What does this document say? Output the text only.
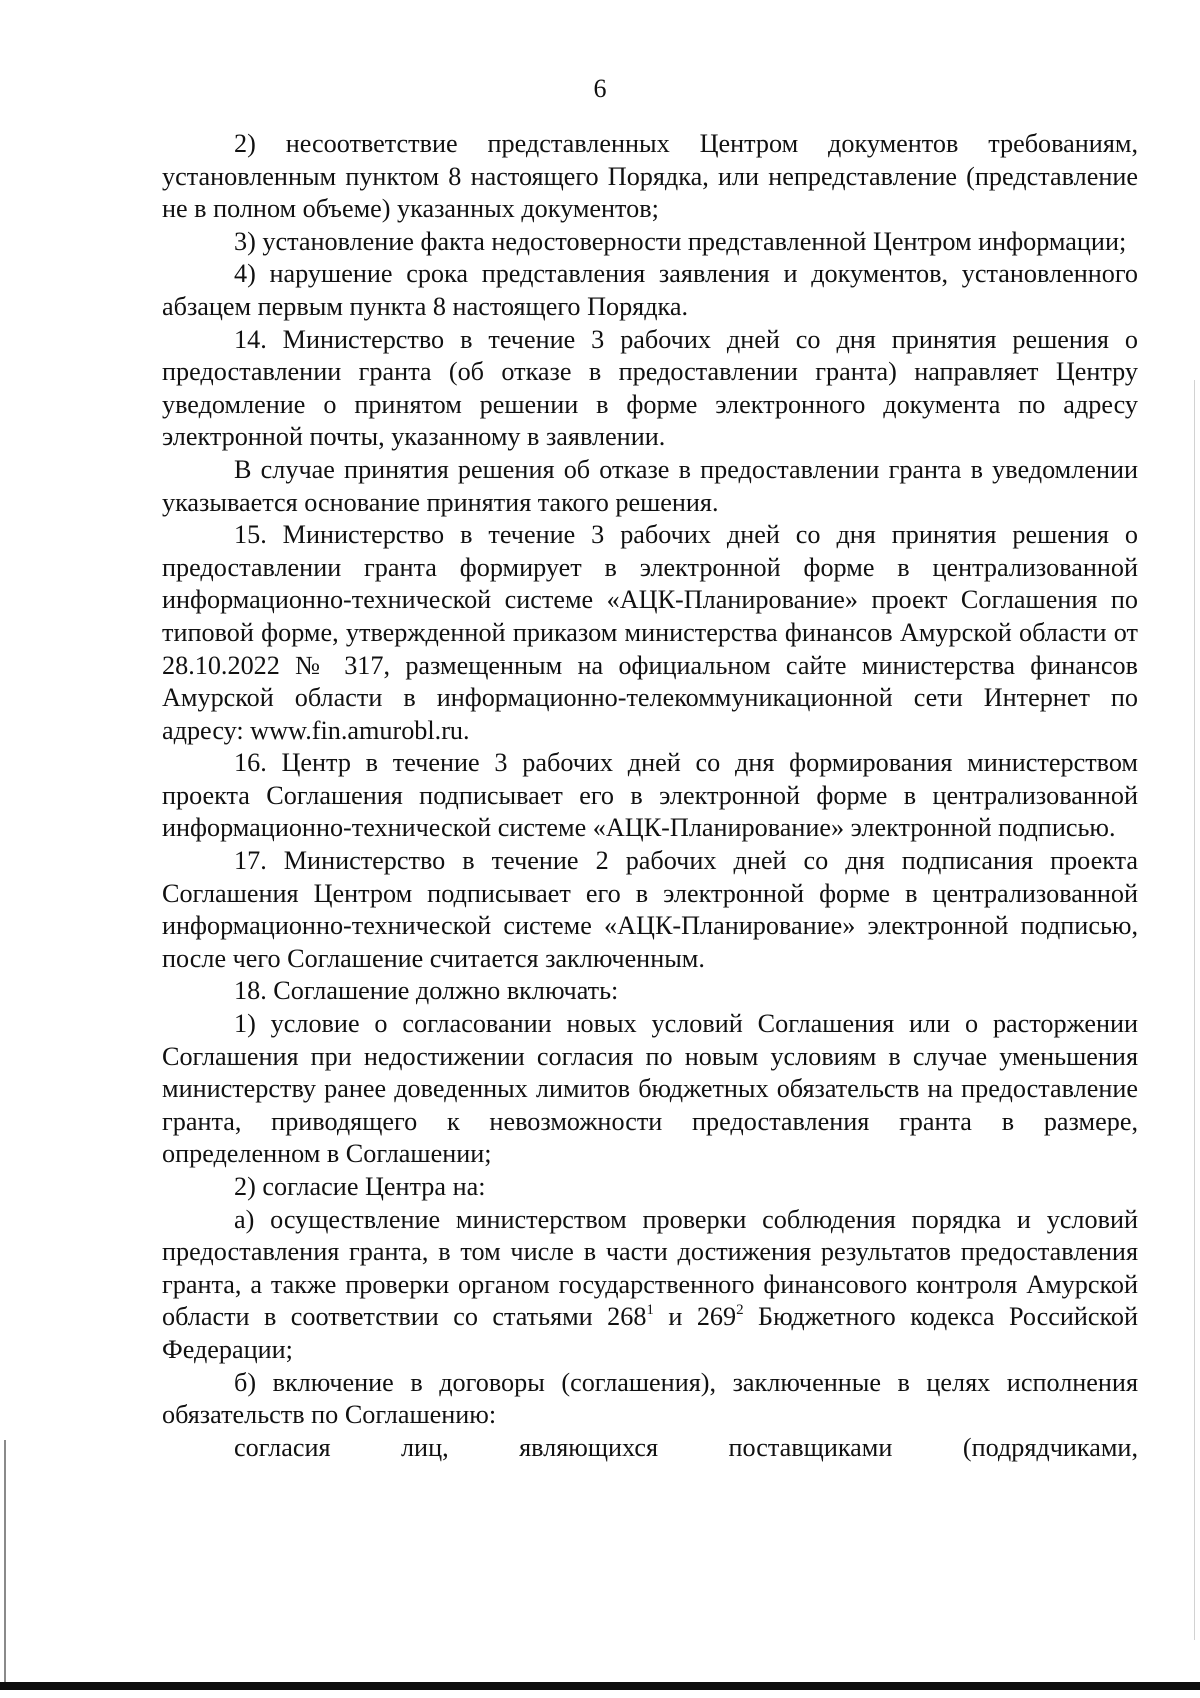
6

2) несоответствие представленных Центром документов требованиям, установленным пунктом 8 настоящего Порядка, или непредставление (представление не в полном объеме) указанных документов;

3) установление факта недостоверности представленной Центром информации;

4) нарушение срока представления заявления и документов, установленного абзацем первым пункта 8 настоящего Порядка.

14. Министерство в течение 3 рабочих дней со дня принятия решения о предоставлении гранта (об отказе в предоставлении гранта) направляет Центру уведомление о принятом решении в форме электронного документа по адресу электронной почты, указанному в заявлении.

В случае принятия решения об отказе в предоставлении гранта в уведомлении указывается основание принятия такого решения.

15. Министерство в течение 3 рабочих дней со дня принятия решения о предоставлении гранта формирует в электронной форме в централизованной информационно-технической системе «АЦК-Планирование» проект Соглашения по типовой форме, утвержденной приказом министерства финансов Амурской области от 28.10.2022 № 317, размещенным на официальном сайте министерства финансов Амурской области в информационно-телекоммуникационной сети Интернет по адресу: www.fin.amurobl.ru.

16. Центр в течение 3 рабочих дней со дня формирования министерством проекта Соглашения подписывает его в электронной форме в централизованной информационно-технической системе «АЦК-Планирование» электронной подписью.

17. Министерство в течение 2 рабочих дней со дня подписания проекта Соглашения Центром подписывает его в электронной форме в централизованной информационно-технической системе «АЦК-Планирование» электронной подписью, после чего Соглашение считается заключенным.

18. Соглашение должно включать:

1) условие о согласовании новых условий Соглашения или о расторжении Соглашения при недостижении согласия по новым условиям в случае уменьшения министерству ранее доведенных лимитов бюджетных обязательств на предоставление гранта, приводящего к невозможности предоставления гранта в размере, определенном в Соглашении;

2) согласие Центра на:

а) осуществление министерством проверки соблюдения порядка и условий предоставления гранта, в том числе в части достижения результатов предоставления гранта, а также проверки органом государственного финансового контроля Амурской области в соответствии со статьями $268^1$ и $269^2$ Бюджетного кодекса Российской Федерации;

б) включение в договоры (соглашения), заключенные в целях исполнения обязательств по Соглашению:

согласия лиц, являющихся поставщиками (подрядчиками,
